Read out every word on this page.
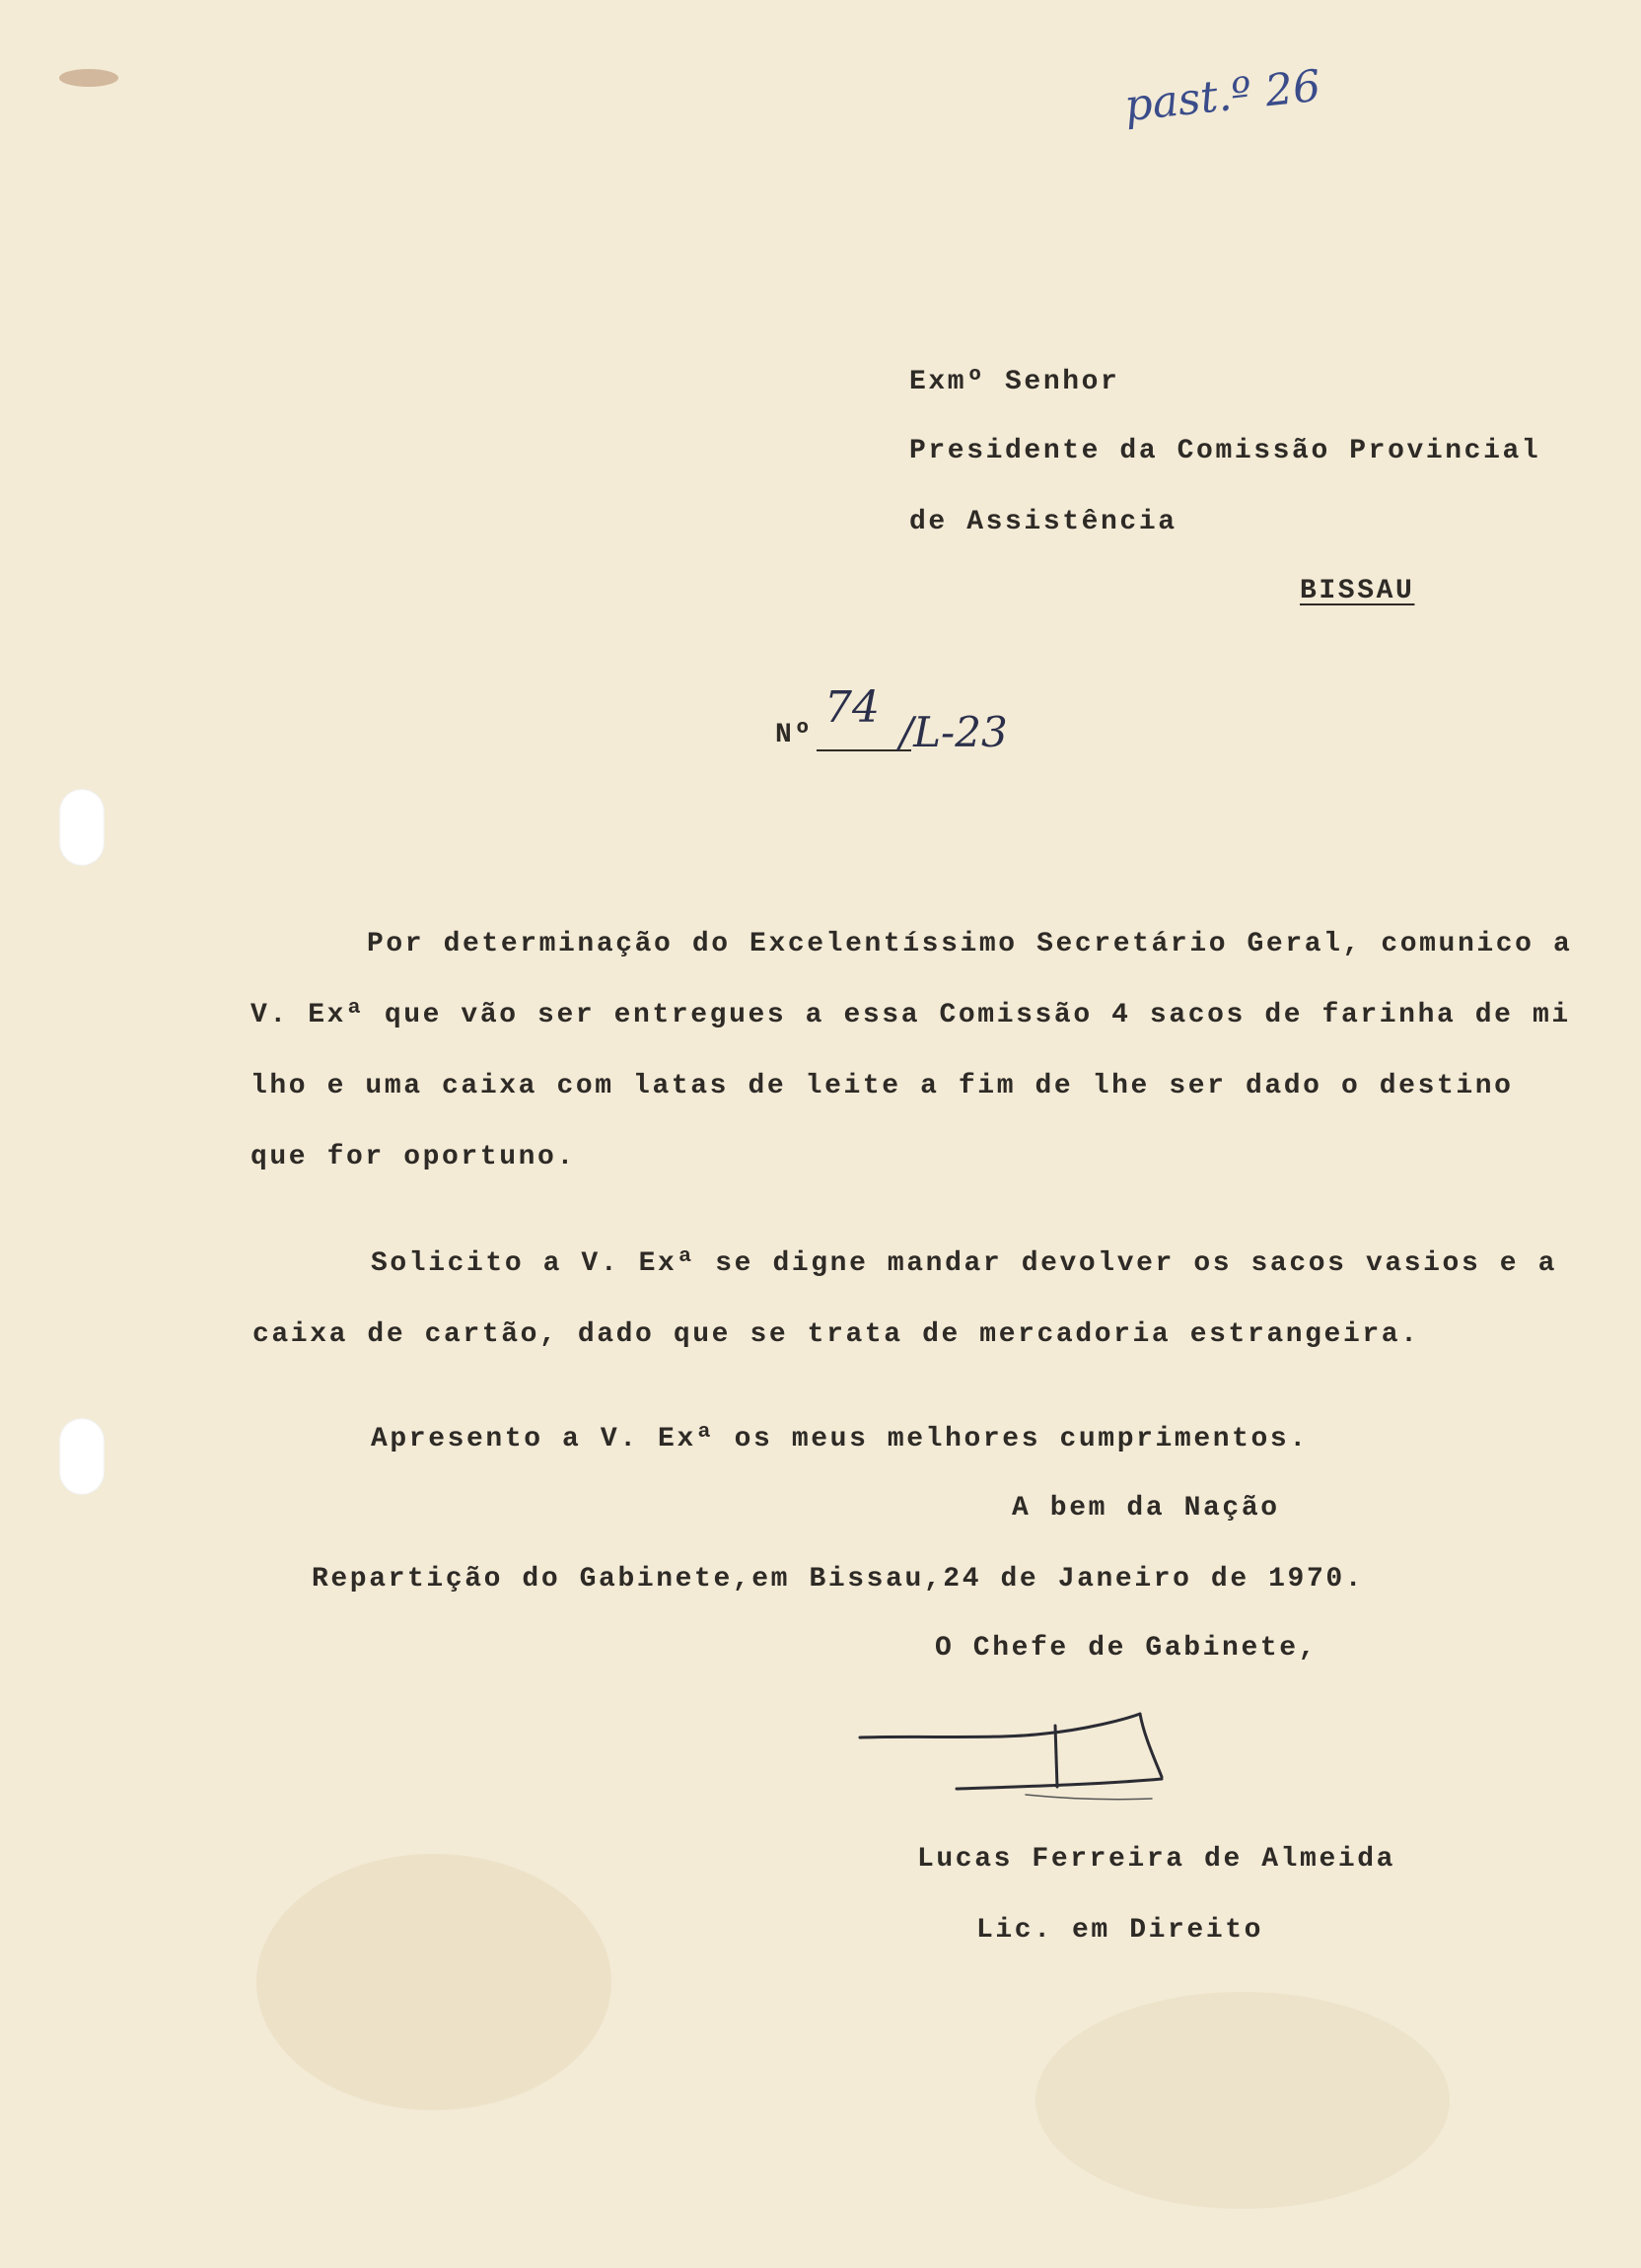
past.º 26
Exmº Senhor
Presidente da Comissão Provincial
de Assistência
BISSAU
Nº
74 /L-23
Por determinação do Excelentíssimo Secretário Geral, comunico a
V. Exª que vão ser entregues a essa Comissão 4 sacos de farinha de mi
lho e uma caixa com latas de leite a fim de lhe ser dado o destino
que for oportuno.
Solicito a V. Exª se digne mandar devolver os sacos vasios e a
caixa de cartão, dado que se trata de mercadoria estrangeira.
Apresento a V. Exª os meus melhores cumprimentos.
A bem da Nação
Repartição do Gabinete,em Bissau,24 de Janeiro de 1970.
O Chefe de Gabinete,
Lucas Ferreira de Almeida
Lic. em Direito
